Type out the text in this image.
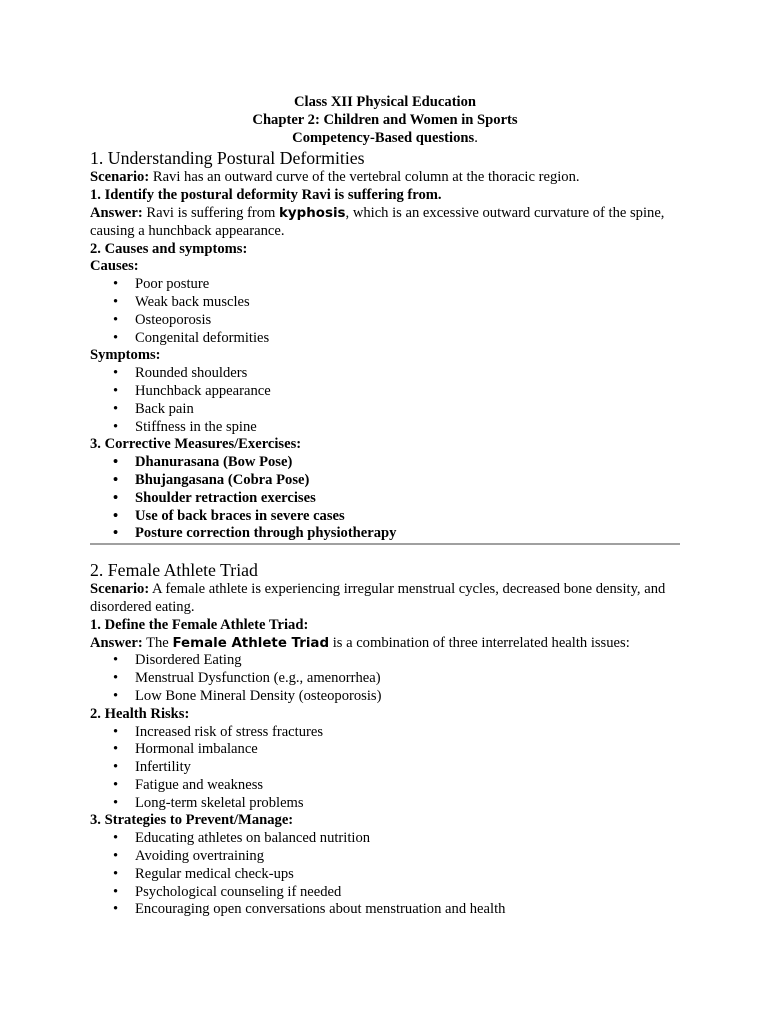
Class XII Physical Education
Chapter 2: Children and Women in Sports
Competency-Based questions.
1. Understanding Postural Deformities

Scenario: Ravi has an outward curve of the vertebral column at the thoracic region.

1. Identify the postural deformity Ravi is suffering from.

Answer: Ravi is suffering from kyphosis, which is an excessive outward curvature of the spine, causing a hunchback appearance.

2. Causes and symptoms:

Causes:

• Poor posture
• Weak back muscles
• Osteoporosis
• Congenital deformities

Symptoms:

• Rounded shoulders
• Hunchback appearance
• Back pain
• Stiffness in the spine

3. Corrective Measures/Exercises:

• Dhanurasana (Bow Pose)
• Bhujangasana (Cobra Pose)
• Shoulder retraction exercises
• Use of back braces in severe cases
• Posture correction through physiotherapy
2. Female Athlete Triad

Scenario: A female athlete is experiencing irregular menstrual cycles, decreased bone density, and disordered eating.

1. Define the Female Athlete Triad:

Answer: The Female Athlete Triad is a combination of three interrelated health issues:

• Disordered Eating
• Menstrual Dysfunction (e.g., amenorrhea)
• Low Bone Mineral Density (osteoporosis)

2. Health Risks:

• Increased risk of stress fractures
• Hormonal imbalance
• Infertility
• Fatigue and weakness
• Long-term skeletal problems

3. Strategies to Prevent/Manage:

• Educating athletes on balanced nutrition
• Avoiding overtraining
• Regular medical check-ups
• Psychological counseling if needed
• Encouraging open conversations about menstruation and health
